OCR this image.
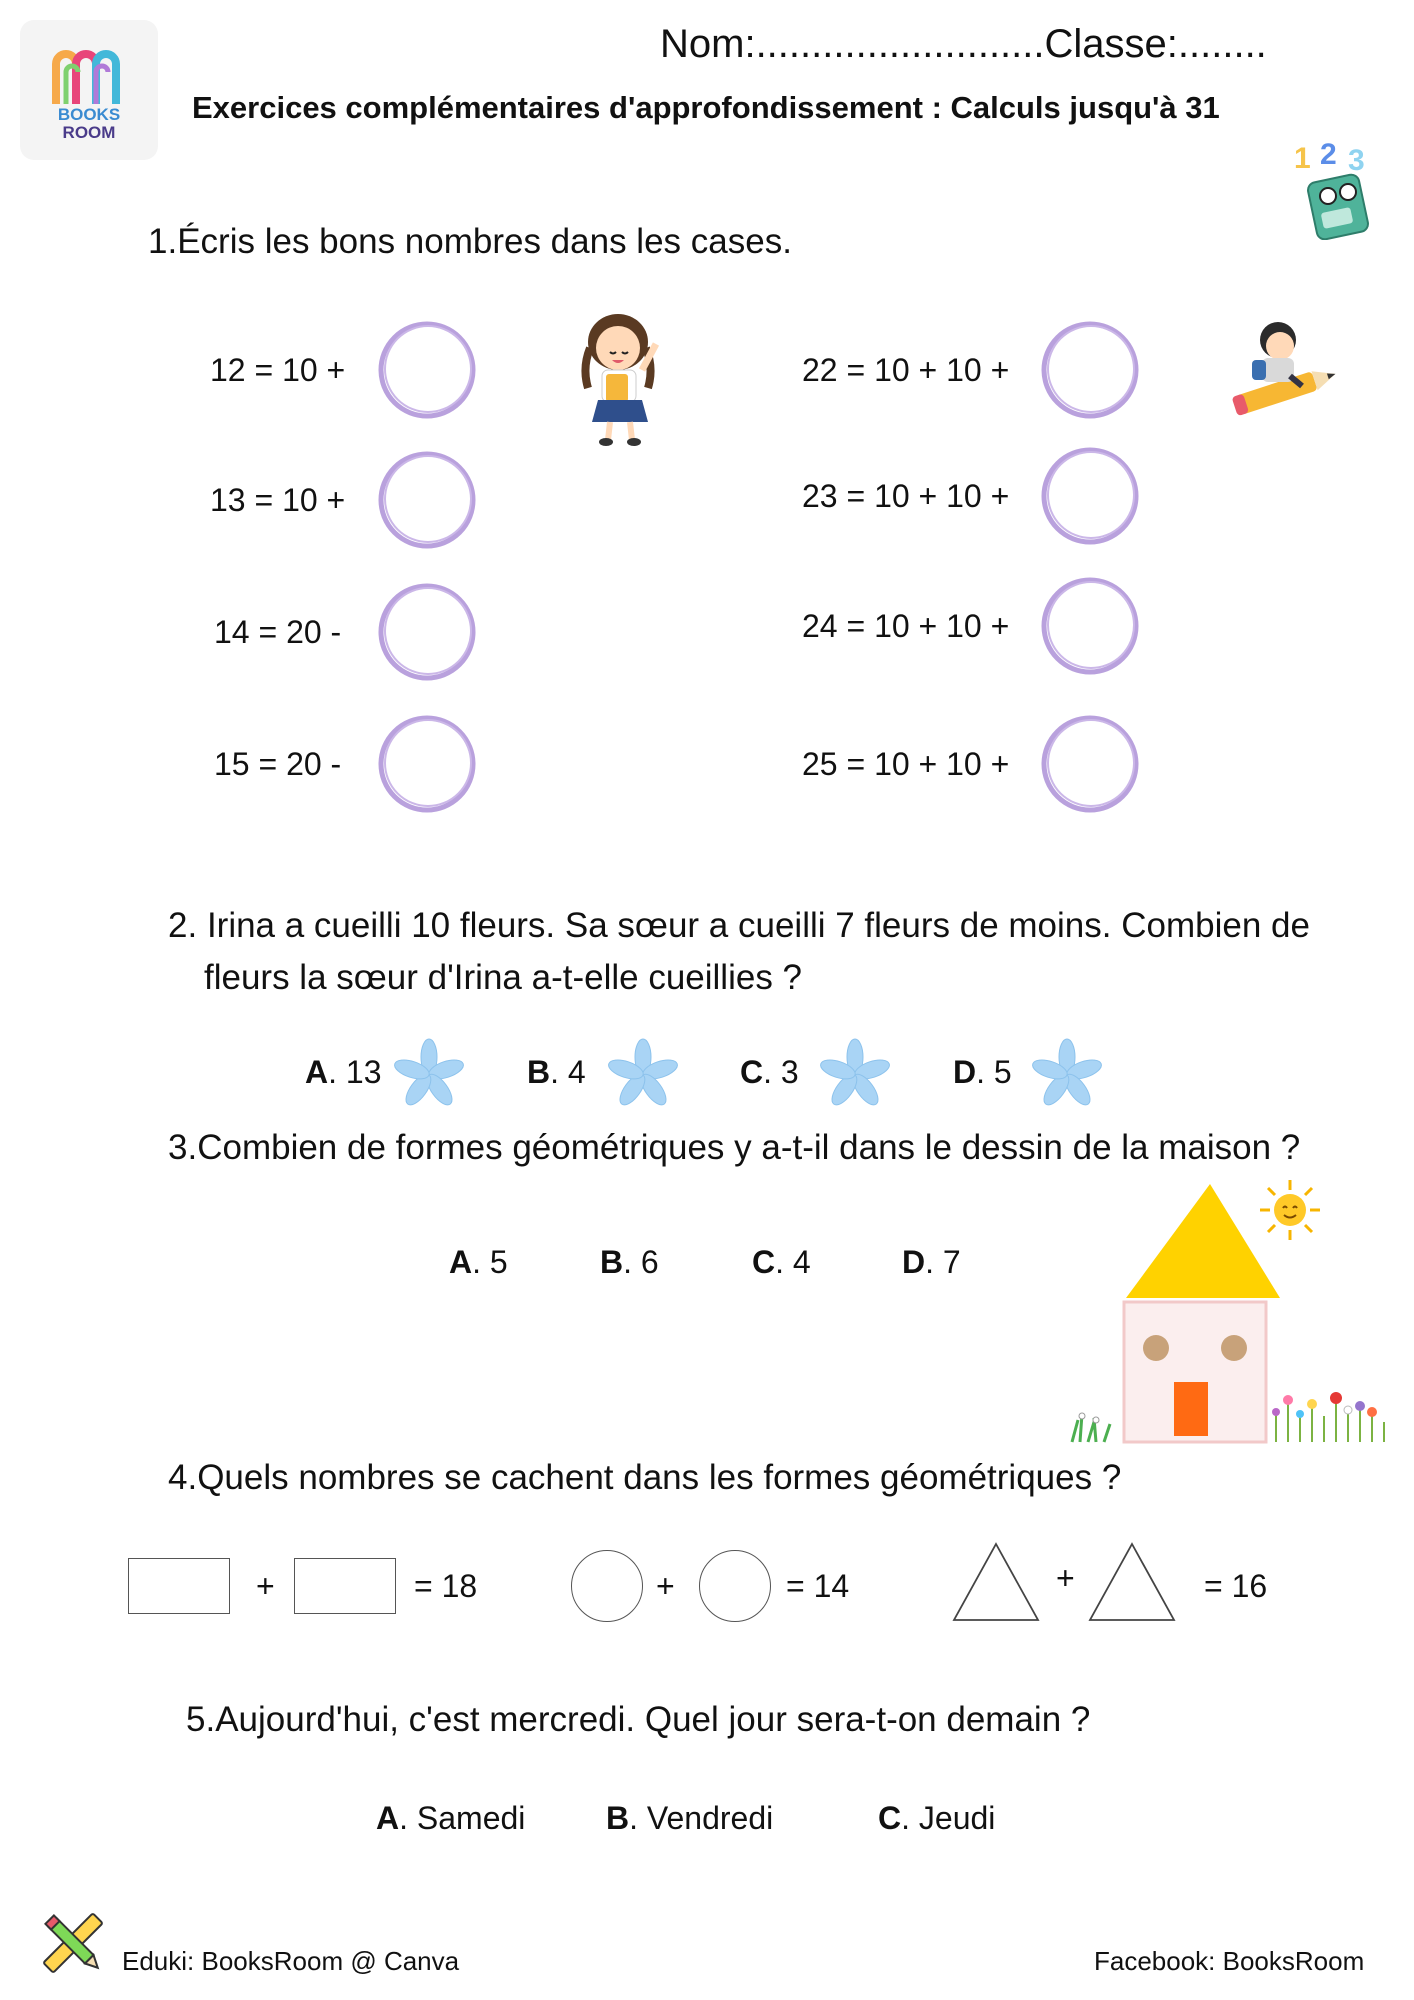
BOOKS
ROOM
Nom:..........................Classe:........
Exercices complémentaires d'approfondissement : Calculs jusqu'à 31
1 2 3
1.Écris les bons nombres dans les cases.
12 = 10 +
13 = 10 +
14 = 20 -
15 = 20 -
22 = 10 + 10 +
23 = 10 + 10 +
24 = 10 + 10 +
25 = 10 + 10 +
2. Irina a cueilli 10 fleurs. Sa sœur a cueilli 7 fleurs de moins. Combien de
fleurs la sœur d'Irina a-t-elle cueillies ?
A. 13	B. 4	C. 3	D. 5
3.Combien de formes géométriques y a-t-il dans le dessin de la maison ?
A. 5	B. 6	C. 4	D. 7
4.Quels nombres se cachent dans les formes géométriques ?
+	= 18	+	= 14	+	= 16
5.Aujourd'hui, c'est mercredi. Quel jour sera-t-on demain ?
A. Samedi	B. Vendredi	C. Jeudi
Eduki: BooksRoom @ Canva	Facebook: BooksRoom
